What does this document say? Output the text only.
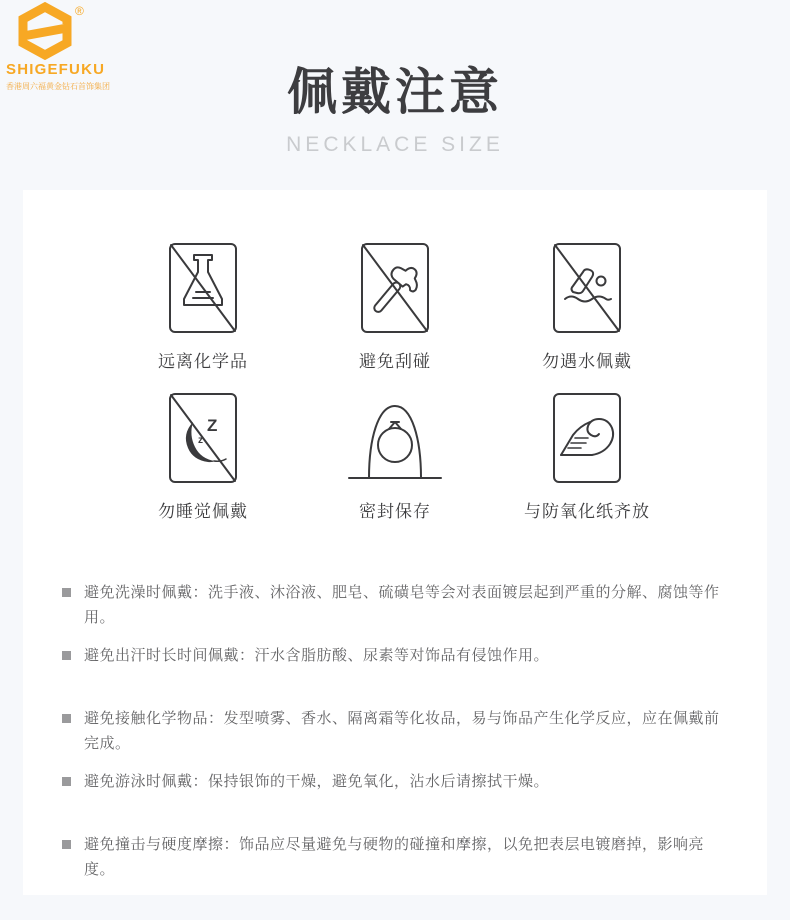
®
SHIGEFUKU
香港周六福黄金钻石首饰集团	佩戴注意
NECKLACE SIZE
远离化学品	避免刮碰	勿遇水佩戴
Z
z
勿睡觉佩戴	密封保存	与防氧化纸齐放
避免洗澡时佩戴：洗手液、沐浴液、肥皂、硫磺皂等会对表面镀层起到严重的分解、腐蚀等作用。
避免出汗时长时间佩戴：汗水含脂肪酸、尿素等对饰品有侵蚀作用。
避免接触化学物品：发型喷雾、香水、隔离霜等化妆品，易与饰品产生化学反应，应在佩戴前完成。
避免游泳时佩戴：保持银饰的干燥，避免氧化，沾水后请擦拭干燥。
避免撞击与硬度摩擦：饰品应尽量避免与硬物的碰撞和摩擦，以免把表层电镀磨掉，影响亮度。
